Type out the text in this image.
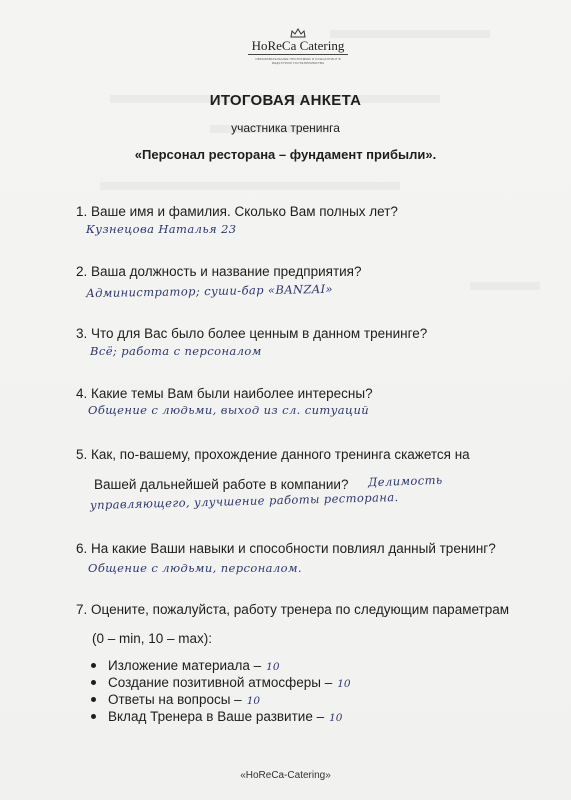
HoReCa Catering
ОБРАЗОВАТЕЛЬНЫЕ ПРОГРАММЫ И КОНСАЛТИНГ В ИНДУСТРИИ ГОСТЕПРИИМСТВА
ИТОГОВАЯ АНКЕТА
участника тренинга
«Персонал ресторана – фундамент прибыли».
1. Ваше имя и фамилия. Сколько Вам полных лет?
Кузнецова Наталья 23
2. Ваша должность и название предприятия?
Администратор; суши-бар «BANZAI»
3. Что для Вас было более ценным в данном тренинге?
Всё; работа с персоналом
4. Какие темы Вам были наиболее интересны?
Общение с людьми, выход из сл. ситуаций
5. Как, по-вашему, прохождение данного тренинга скажется на
Вашей дальнейшей работе в компании? Делимость
управляющего, улучшение работы ресторана.
6. На какие Ваши навыки и способности повлиял данный тренинг?
Общение с людьми, персоналом.
7. Оцените, пожалуйста, работу тренера по следующим параметрам
(0 – min, 10 – max):
Изложение материала – 10
Создание позитивной атмосферы – 10
Ответы на вопросы – 10
Вклад Тренера в Ваше развитие – 10
«HoReCa-Catering»
